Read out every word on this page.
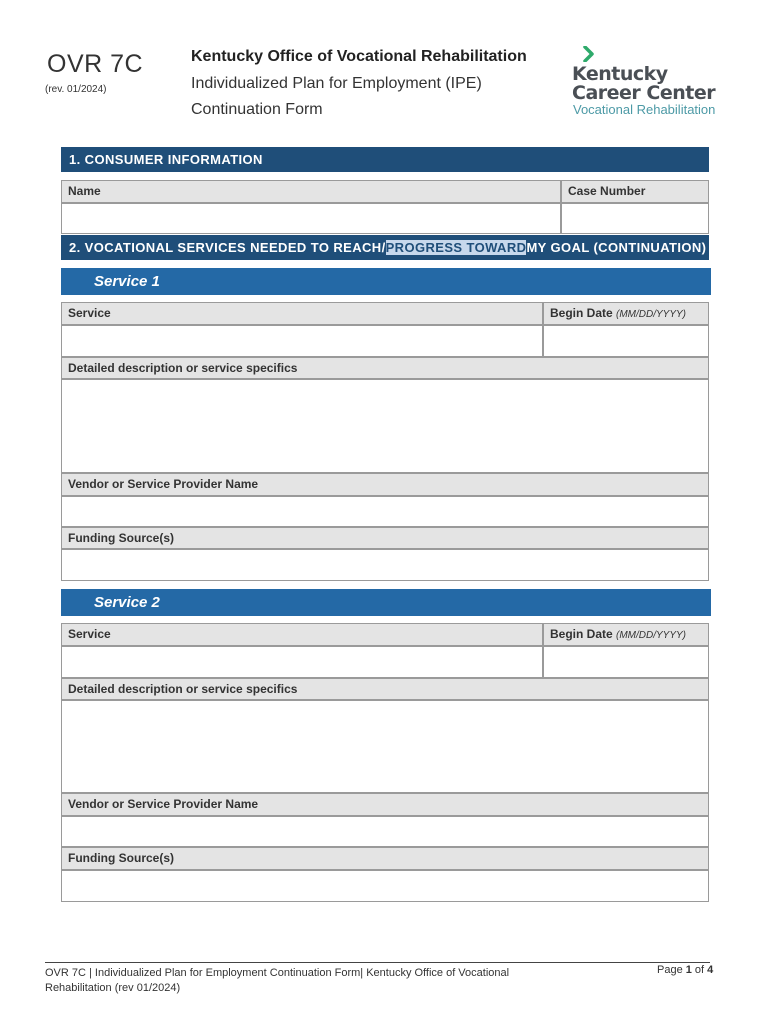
OVR 7C
(rev. 01/2024)
Kentucky Office of Vocational Rehabilitation
Individualized Plan for Employment (IPE)
Continuation Form
Kentucky
Career Center
Vocational Rehabilitation
1. CONSUMER INFORMATION
Name	Case Number
2. VOCATIONAL SERVICES NEEDED TO REACH/ PROGRESS TOWARD MY GOAL (CONTINUATION)
Service 1
Service	Begin Date (MM/DD/YYYY)
Detailed description or service specifics
Vendor or Service Provider Name
Funding Source(s)
Service 2
Service	Begin Date (MM/DD/YYYY)
Detailed description or service specifics
Vendor or Service Provider Name
Funding Source(s)
OVR 7C | Individualized Plan for Employment Continuation Form| Kentucky Office of Vocational Rehabilitation (rev 01/2024)
Page 1 of 4
